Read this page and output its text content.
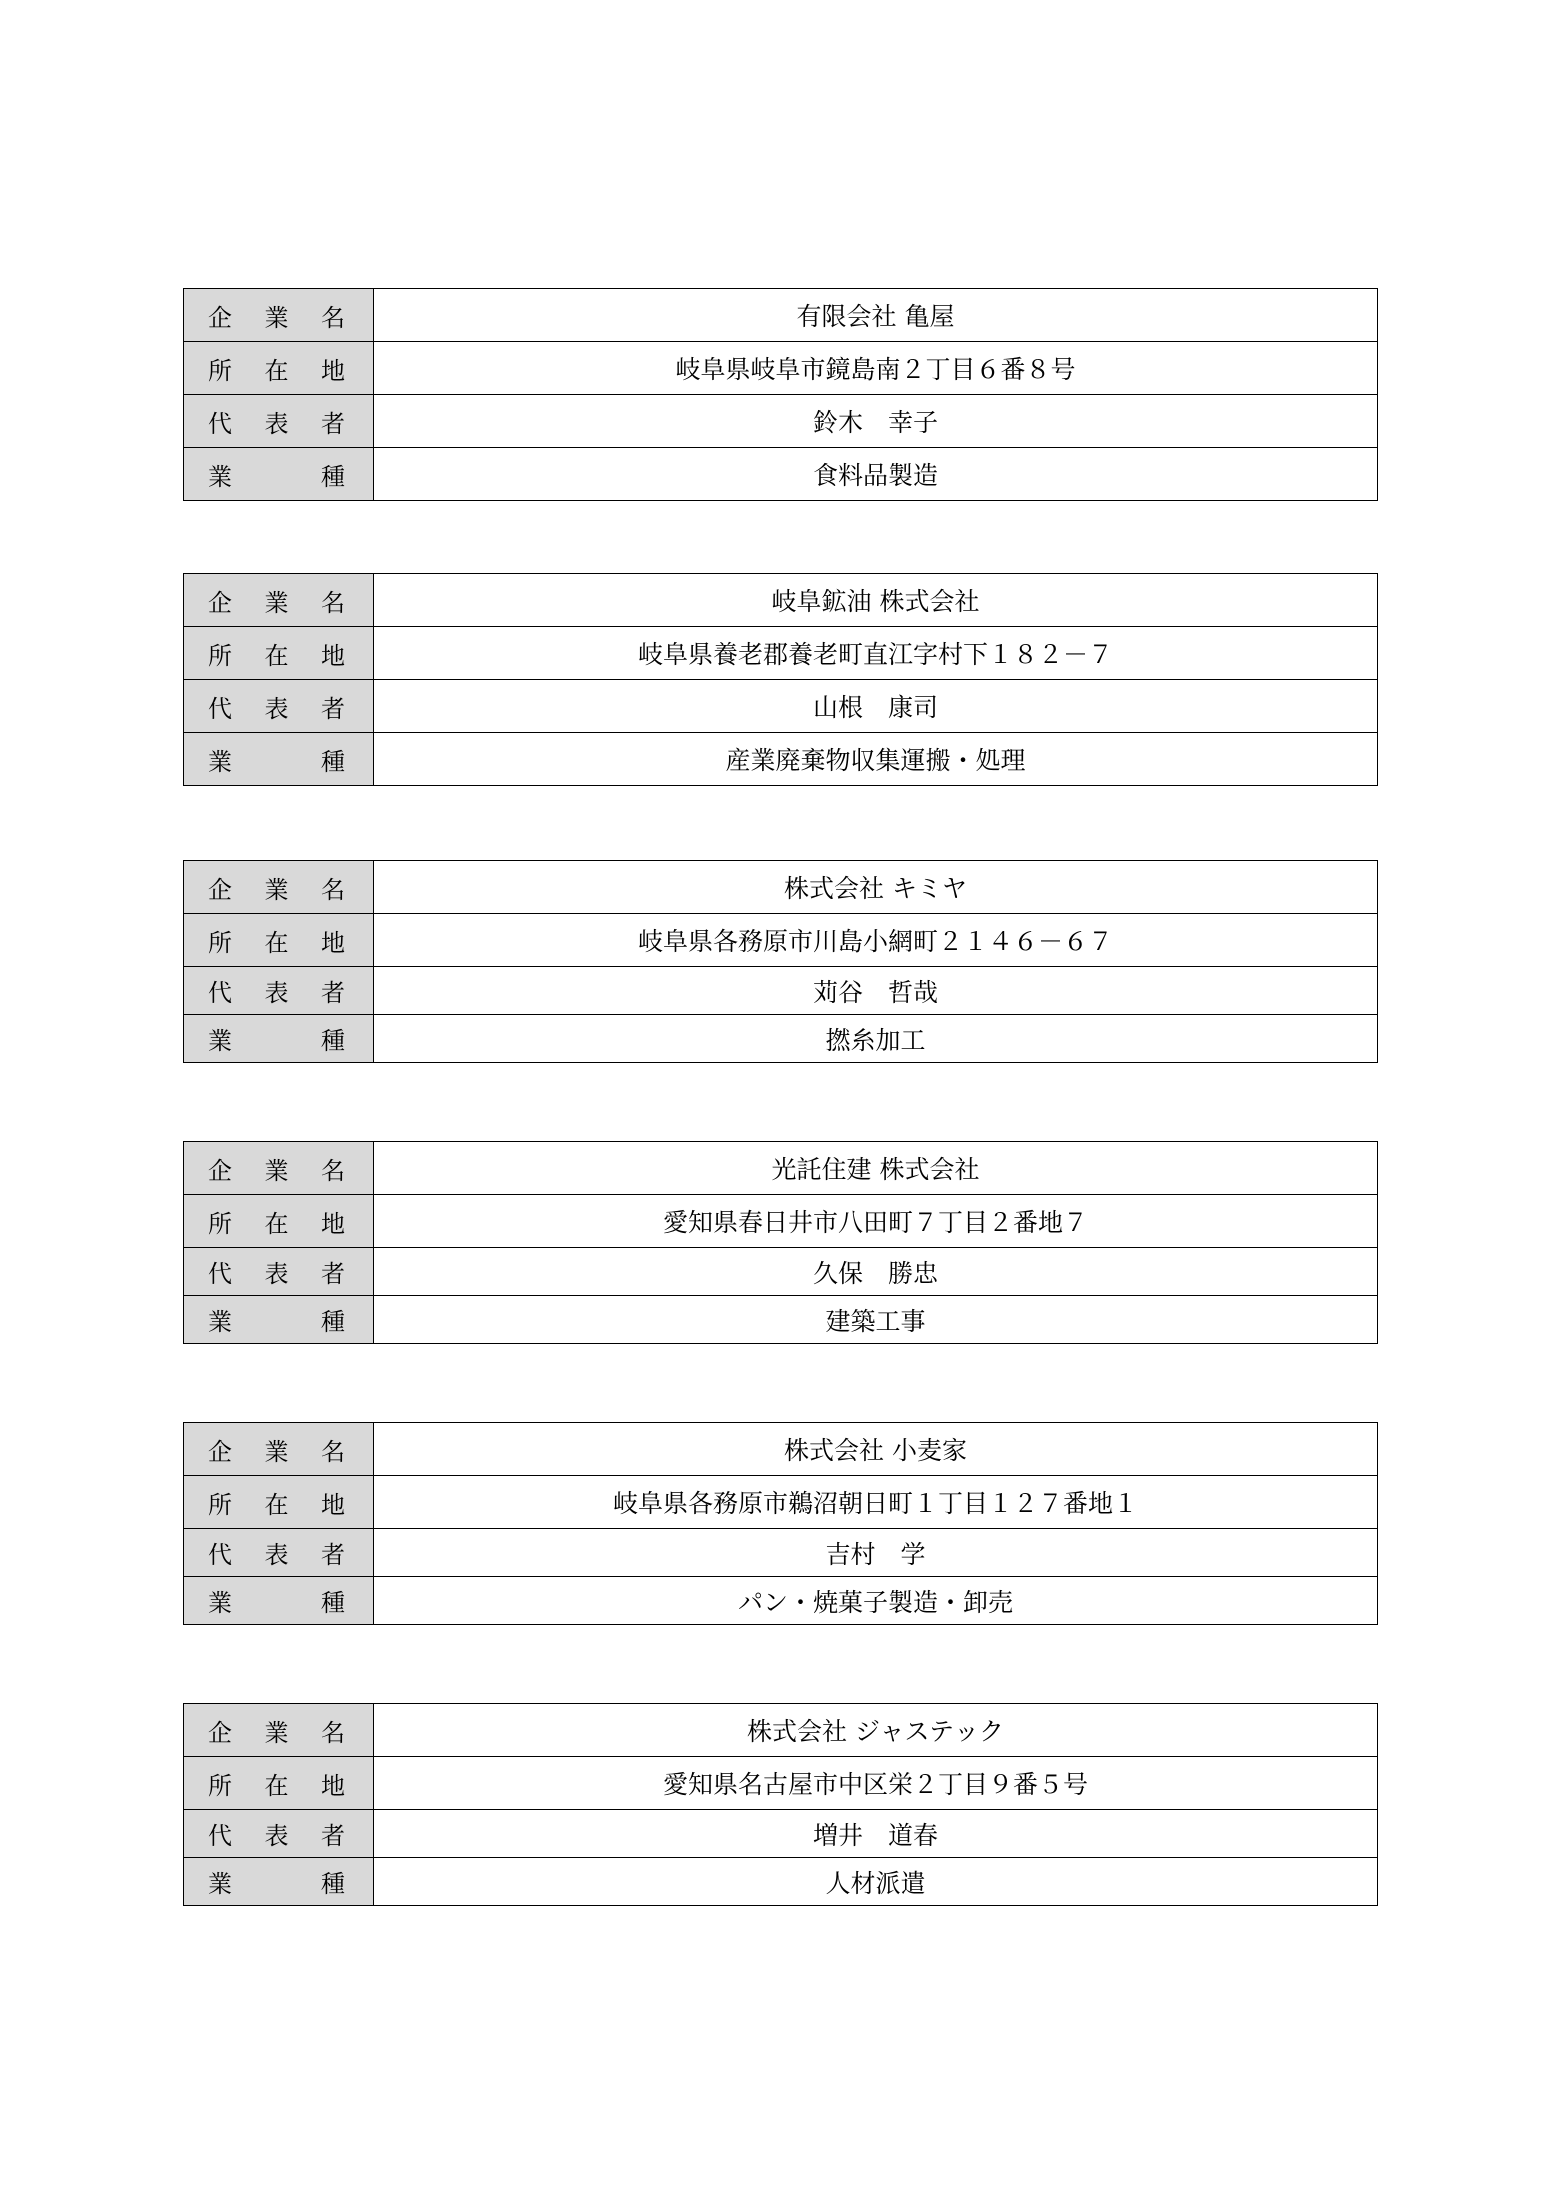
企 業 名	有限会社 亀屋

所 在 地	岐阜県岐阜市鏡島南２丁目６番８号

代 表 者	鈴木　幸子

業 種	食料品製造
企 業 名	岐阜鉱油 株式会社

所 在 地	岐阜県養老郡養老町直江字村下１８２－７

代 表 者	山根　康司

業 種	産業廃棄物収集運搬・処理
企 業 名	株式会社 キミヤ

所 在 地	岐阜県各務原市川島小網町２１４６－６７

代 表 者	苅谷　哲哉

業 種	撚糸加工
企 業 名	光託住建 株式会社

所 在 地	愛知県春日井市八田町７丁目２番地７

代 表 者	久保　勝忠

業 種	建築工事
企 業 名	株式会社 小麦家

所 在 地	岐阜県各務原市鵜沼朝日町１丁目１２７番地１

代 表 者	吉村　学

業 種	パン・焼菓子製造・卸売
企 業 名	株式会社 ジャステック

所 在 地	愛知県名古屋市中区栄２丁目９番５号

代 表 者	増井　道春

業 種	人材派遣
